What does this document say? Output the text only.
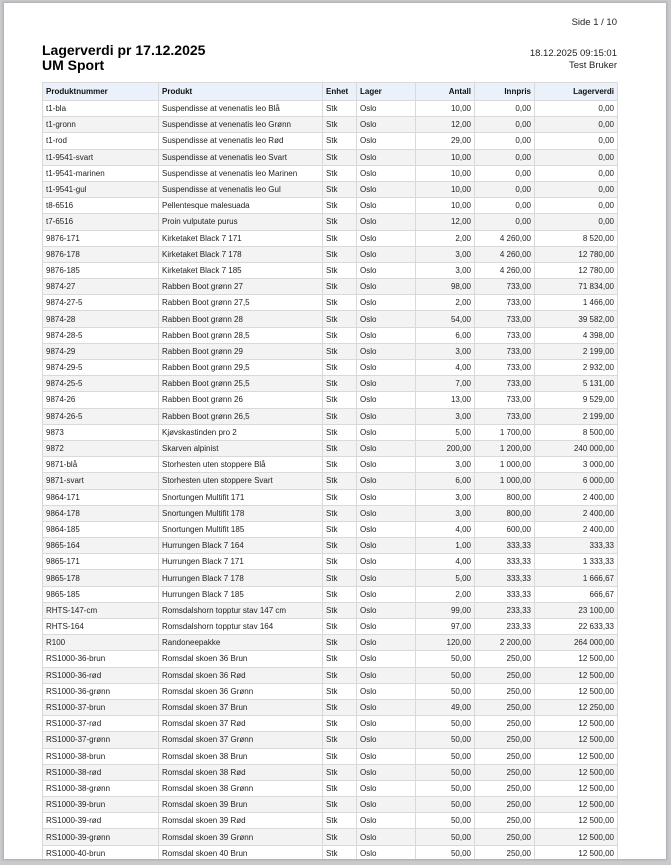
Side 1 / 10
Lagerverdi pr 17.12.2025
UM Sport
18.12.2025 09:15:01
Test Bruker
Produktnummer	Produkt	Enhet	Lager	Antall	Innpris	Lagerverdi
t1-bla	Suspendisse at venenatis leo Blå	Stk	Oslo	10,00	0,00	0,00
t1-gronn	Suspendisse at venenatis leo Grønn	Stk	Oslo	12,00	0,00	0,00
t1-rod	Suspendisse at venenatis leo Rød	Stk	Oslo	29,00	0,00	0,00
t1-9541-svart	Suspendisse at venenatis leo Svart	Stk	Oslo	10,00	0,00	0,00
t1-9541-marinen	Suspendisse at venenatis leo Marinen	Stk	Oslo	10,00	0,00	0,00
t1-9541-gul	Suspendisse at venenatis leo Gul	Stk	Oslo	10,00	0,00	0,00
t8-6516	Pellentesque malesuada	Stk	Oslo	10,00	0,00	0,00
t7-6516	Proin vulputate purus	Stk	Oslo	12,00	0,00	0,00
9876-171	Kirketaket Black 7 171	Stk	Oslo	2,00	4 260,00	8 520,00
9876-178	Kirketaket Black 7 178	Stk	Oslo	3,00	4 260,00	12 780,00
9876-185	Kirketaket Black 7 185	Stk	Oslo	3,00	4 260,00	12 780,00
9874-27	Rabben Boot grønn 27	Stk	Oslo	98,00	733,00	71 834,00
9874-27-5	Rabben Boot grønn 27,5	Stk	Oslo	2,00	733,00	1 466,00
9874-28	Rabben Boot grønn 28	Stk	Oslo	54,00	733,00	39 582,00
9874-28-5	Rabben Boot grønn 28,5	Stk	Oslo	6,00	733,00	4 398,00
9874-29	Rabben Boot grønn 29	Stk	Oslo	3,00	733,00	2 199,00
9874-29-5	Rabben Boot grønn 29,5	Stk	Oslo	4,00	733,00	2 932,00
9874-25-5	Rabben Boot grønn 25,5	Stk	Oslo	7,00	733,00	5 131,00
9874-26	Rabben Boot grønn 26	Stk	Oslo	13,00	733,00	9 529,00
9874-26-5	Rabben Boot grønn 26,5	Stk	Oslo	3,00	733,00	2 199,00
9873	Kjøvskastinden pro 2	Stk	Oslo	5,00	1 700,00	8 500,00
9872	Skarven alpinist	Stk	Oslo	200,00	1 200,00	240 000,00
9871-blå	Storhesten uten stoppere Blå	Stk	Oslo	3,00	1 000,00	3 000,00
9871-svart	Storhesten uten stoppere Svart	Stk	Oslo	6,00	1 000,00	6 000,00
9864-171	Snortungen Multifit 171	Stk	Oslo	3,00	800,00	2 400,00
9864-178	Snortungen Multifit 178	Stk	Oslo	3,00	800,00	2 400,00
9864-185	Snortungen Multifit 185	Stk	Oslo	4,00	600,00	2 400,00
9865-164	Hurrungen Black 7 164	Stk	Oslo	1,00	333,33	333,33
9865-171	Hurrungen Black 7 171	Stk	Oslo	4,00	333,33	1 333,33
9865-178	Hurrungen Black 7 178	Stk	Oslo	5,00	333,33	1 666,67
9865-185	Hurrungen Black 7 185	Stk	Oslo	2,00	333,33	666,67
RHTS-147-cm	Romsdalshorn topptur stav 147 cm	Stk	Oslo	99,00	233,33	23 100,00
RHTS-164	Romsdalshorn topptur stav 164	Stk	Oslo	97,00	233,33	22 633,33
R100	Randoneepakke	Stk	Oslo	120,00	2 200,00	264 000,00
RS1000-36-brun	Romsdal skoen 36 Brun	Stk	Oslo	50,00	250,00	12 500,00
RS1000-36-rød	Romsdal skoen 36 Rød	Stk	Oslo	50,00	250,00	12 500,00
RS1000-36-grønn	Romsdal skoen 36 Grønn	Stk	Oslo	50,00	250,00	12 500,00
RS1000-37-brun	Romsdal skoen 37 Brun	Stk	Oslo	49,00	250,00	12 250,00
RS1000-37-rød	Romsdal skoen 37 Rød	Stk	Oslo	50,00	250,00	12 500,00
RS1000-37-grønn	Romsdal skoen 37 Grønn	Stk	Oslo	50,00	250,00	12 500,00
RS1000-38-brun	Romsdal skoen 38 Brun	Stk	Oslo	50,00	250,00	12 500,00
RS1000-38-rød	Romsdal skoen 38 Rød	Stk	Oslo	50,00	250,00	12 500,00
RS1000-38-grønn	Romsdal skoen 38 Grønn	Stk	Oslo	50,00	250,00	12 500,00
RS1000-39-brun	Romsdal skoen 39 Brun	Stk	Oslo	50,00	250,00	12 500,00
RS1000-39-rød	Romsdal skoen 39 Rød	Stk	Oslo	50,00	250,00	12 500,00
RS1000-39-grønn	Romsdal skoen 39 Grønn	Stk	Oslo	50,00	250,00	12 500,00
RS1000-40-brun	Romsdal skoen 40 Brun	Stk	Oslo	50,00	250,00	12 500,00
